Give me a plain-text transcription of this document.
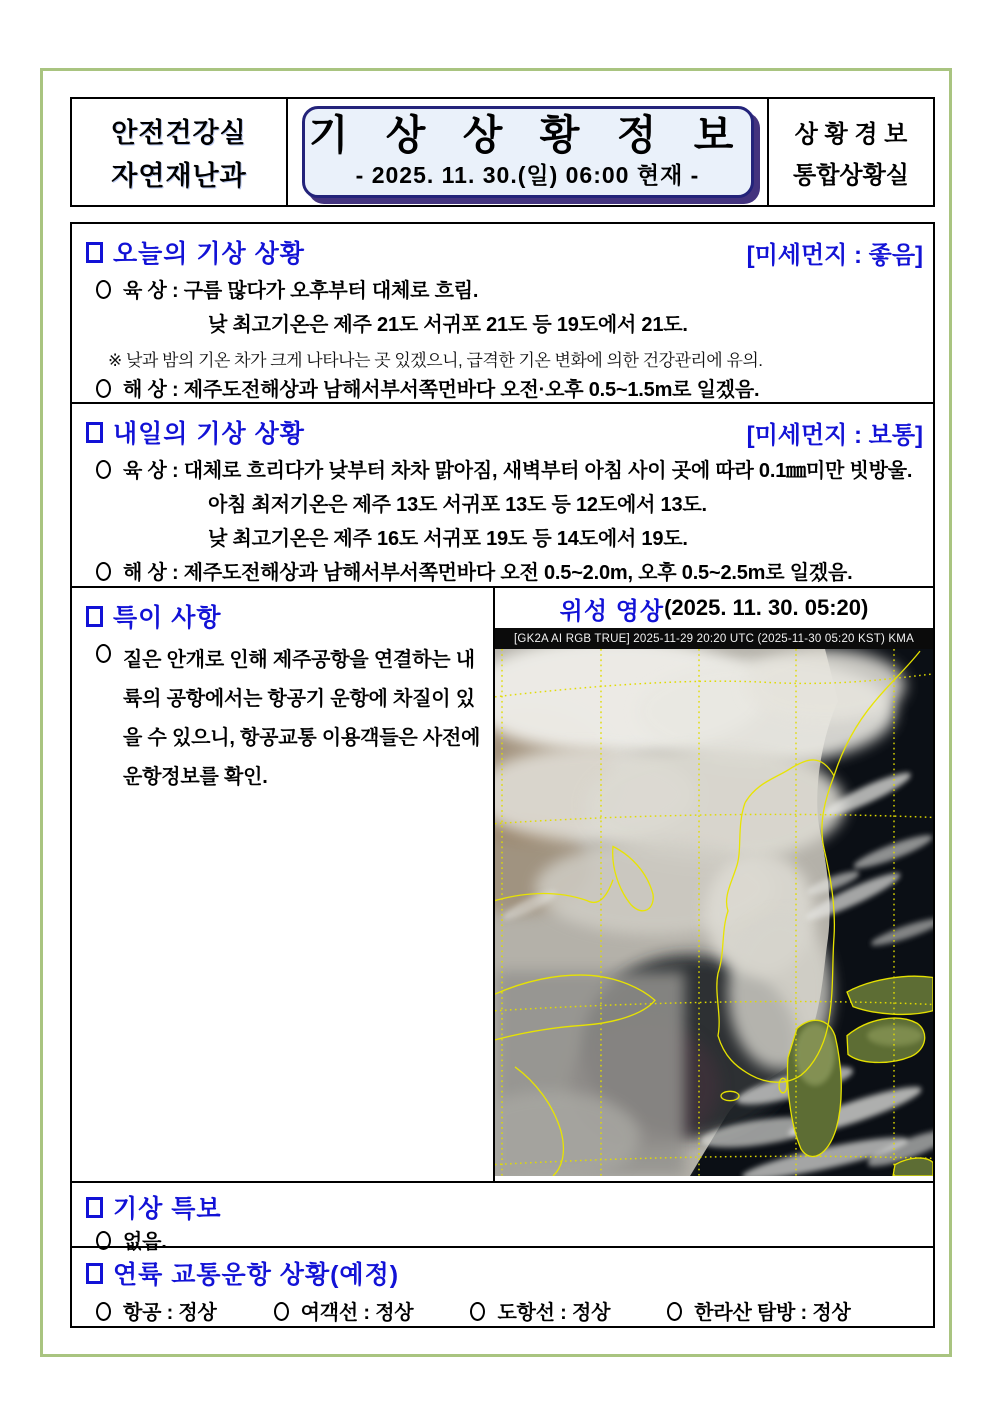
안전건강실
자연재난과
기 상 상 황 정 보
- 2025. 11. 30.(일) 06:00 현재 -
상 황 경 보
통합상황실
오늘의 기상 상황	[미세먼지 : 좋음]
육 상 : 구름 많다가 오후부터 대체로 흐림.
낮 최고기온은 제주 21도 서귀포 21도 등 19도에서 21도.
※ 낮과 밤의 기온 차가 크게 나타나는 곳 있겠으니, 급격한 기온 변화에 의한 건강관리에 유의.
해 상 : 제주도전해상과 남해서부서쪽먼바다 오전·오후 0.5~1.5m로 일겠음.
내일의 기상 상황	[미세먼지 : 보통]
육 상 : 대체로 흐리다가 낮부터 차차 맑아짐, 새벽부터 아침 사이 곳에 따라 0.1㎜미만 빗방울.
아침 최저기온은 제주 13도 서귀포 13도 등 12도에서 13도.
낮 최고기온은 제주 16도 서귀포 19도 등 14도에서 19도.
해 상 : 제주도전해상과 남해서부서쪽먼바다 오전 0.5~2.0m, 오후 0.5~2.5m로 일겠음.
특이 사항
짙은 안개로 인해 제주공항을 연결하는 내륙의 공항에서는 항공기 운항에 차질이 있을 수 있으니, 항공교통 이용객들은 사전에 운항정보를 확인.
위성 영상 (2025. 11. 30. 05:20)
[GK2A AI RGB TRUE] 2025-11-29 20:20 UTC (2025-11-30 05:20 KST) KMA
기상 특보
없음.
연륙 교통운항 상황(예정)
항공 : 정상	여객선 : 정상	도항선 : 정상	한라산 탐방 : 정상
